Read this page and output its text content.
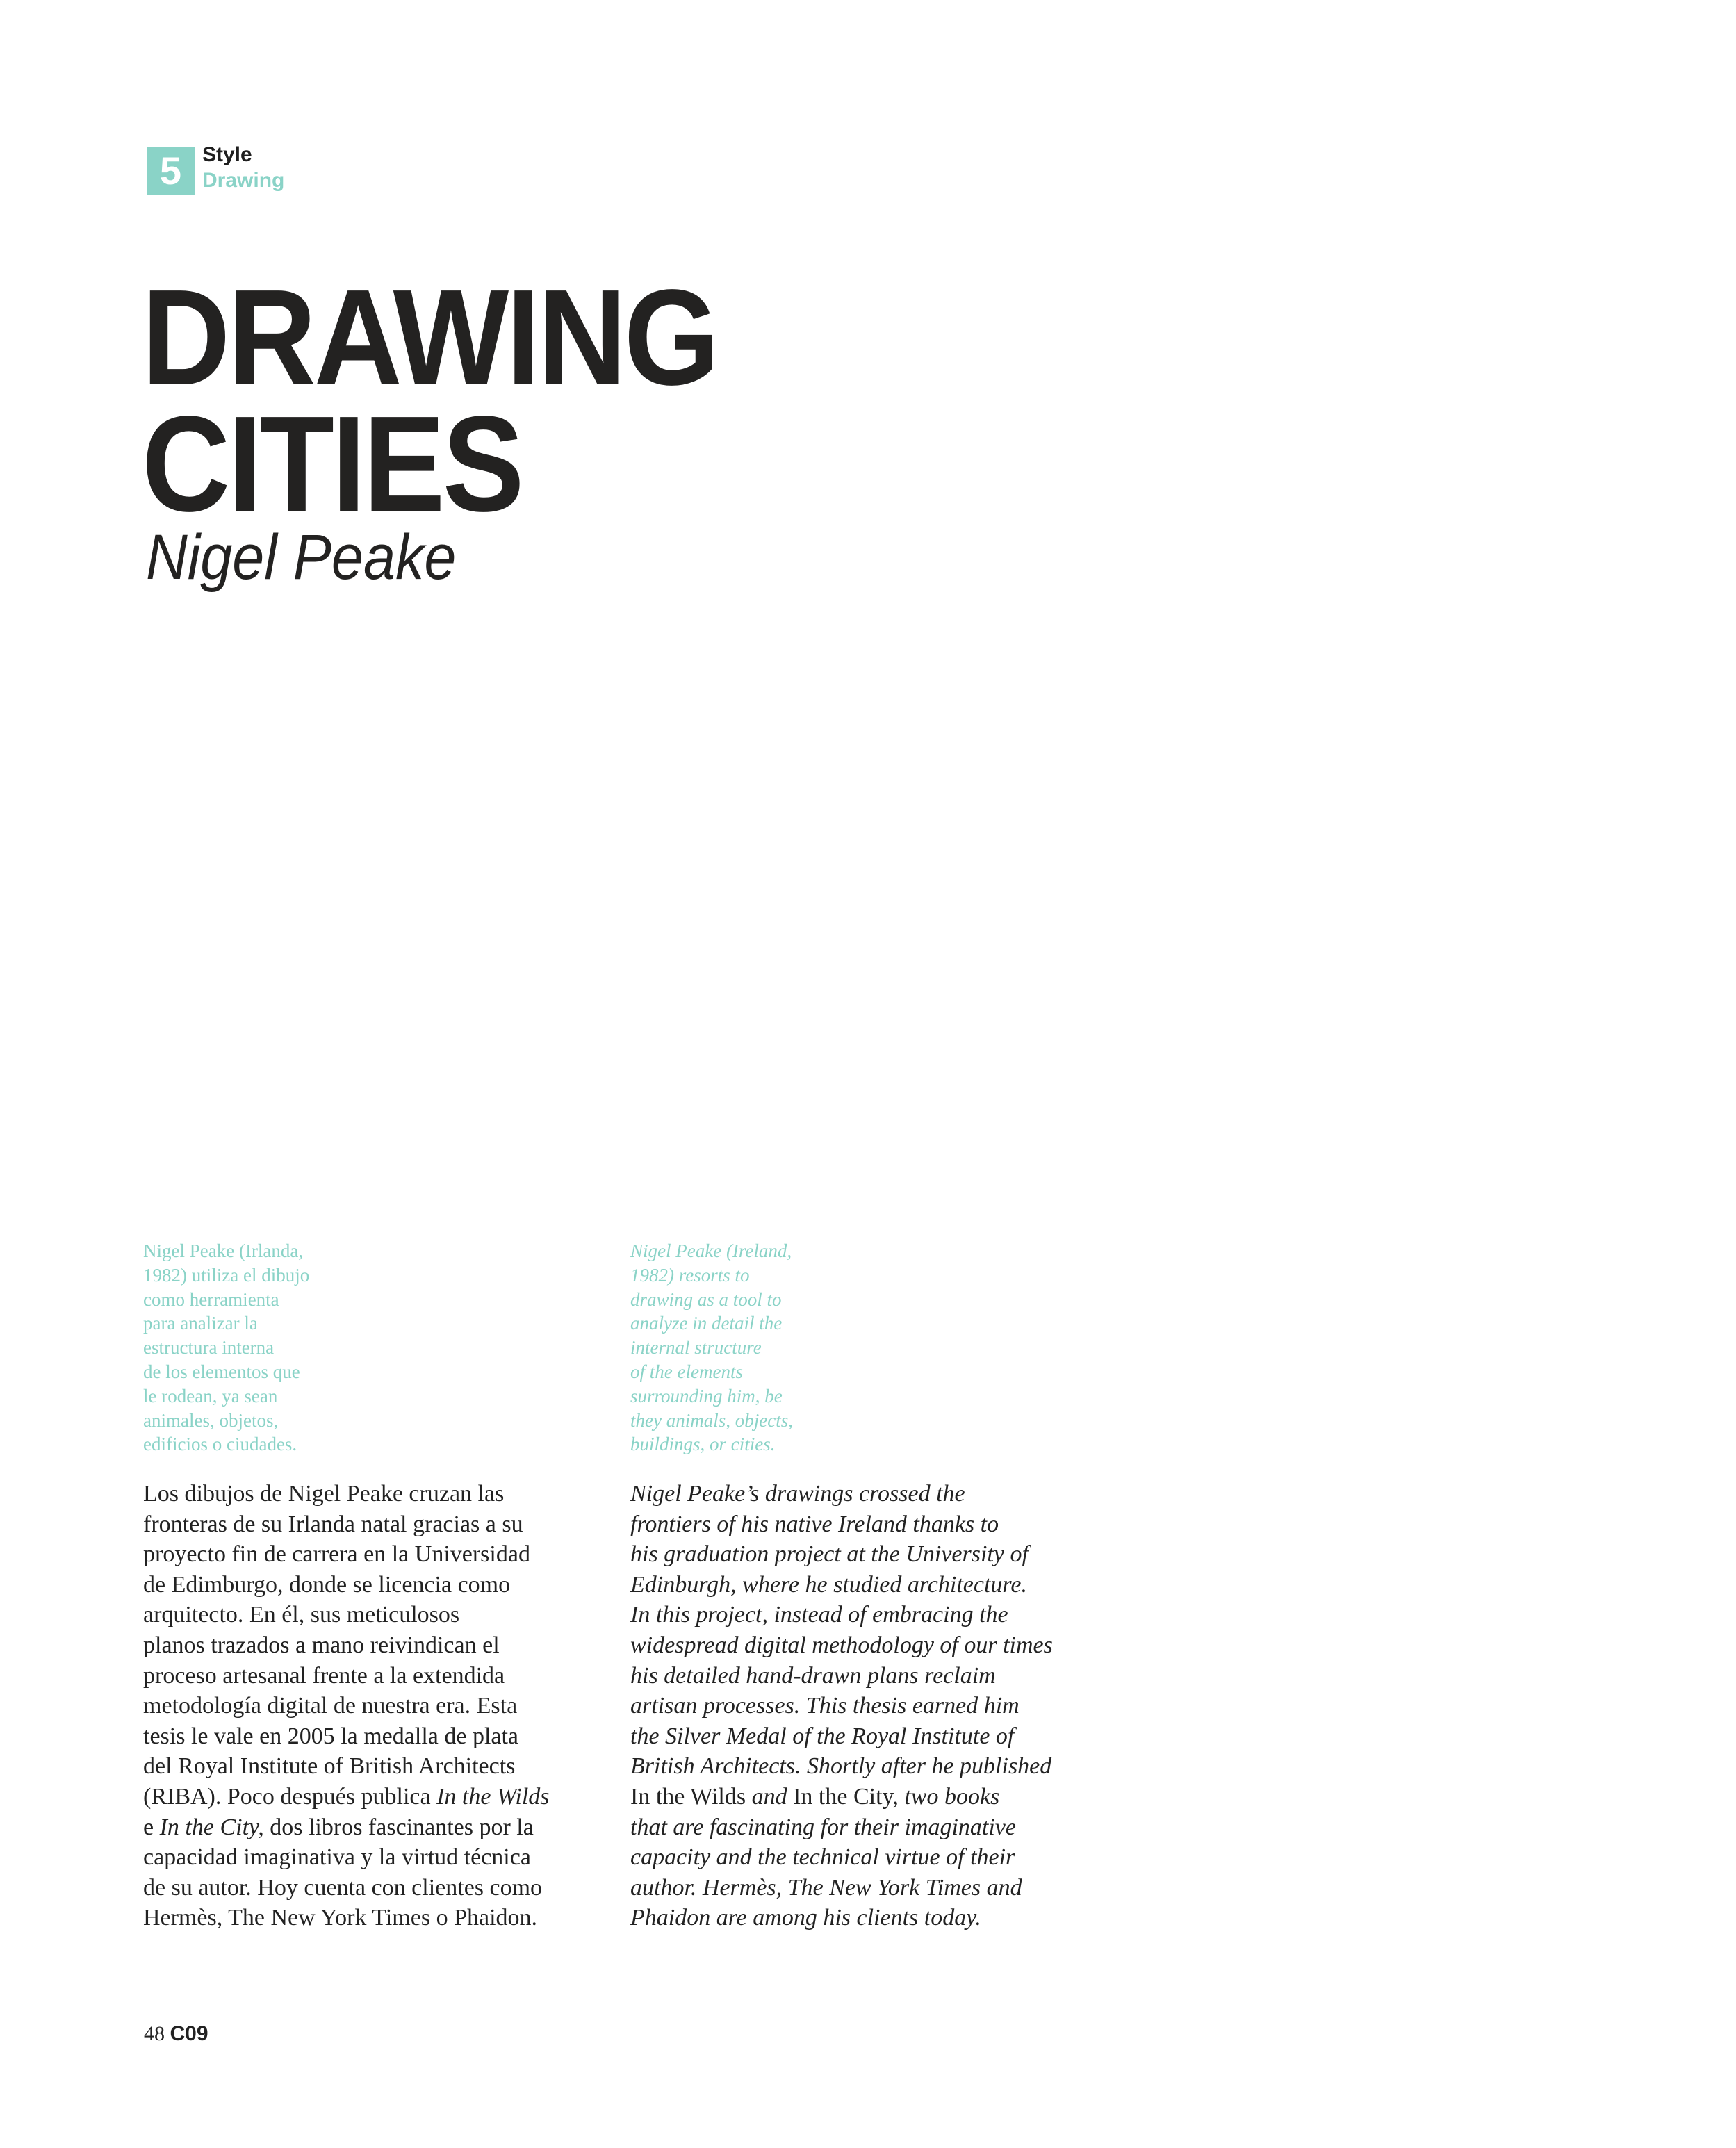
5 Style
Drawing
DRAWING
CITIES
Nigel Peake
Nigel Peake (Irlanda,
1982) utiliza el dibujo
como herramienta
para analizar la
estructura interna
de los elementos que
le rodean, ya sean
animales, objetos,
edificios o ciudades.
Nigel Peake (Ireland,
1982) resorts to
drawing as a tool to
analyze in detail the
internal structure
of the elements
surrounding him, be
they animals, objects,
buildings, or cities.
Los dibujos de Nigel Peake cruzan las
fronteras de su Irlanda natal gracias a su
proyecto fin de carrera en la Universidad
de Edimburgo, donde se licencia como
arquitecto. En él, sus meticulosos
planos trazados a mano reivindican el
proceso artesanal frente a la extendida
metodología digital de nuestra era. Esta
tesis le vale en 2005 la medalla de plata
del Royal Institute of British Architects
(RIBA). Poco después publica In the Wilds
e In the City, dos libros fascinantes por la
capacidad imaginativa y la virtud técnica
de su autor. Hoy cuenta con clientes como
Hermès, The New York Times o Phaidon.
Nigel Peake’s drawings crossed the
frontiers of his native Ireland thanks to
his graduation project at the University of
Edinburgh, where he studied architecture.
In this project, instead of embracing the
widespread digital methodology of our times
his detailed hand-drawn plans reclaim
artisan processes. This thesis earned him
the Silver Medal of the Royal Institute of
British Architects. Shortly after he published
In the Wilds and In the City, two books
that are fascinating for their imaginative
capacity and the technical virtue of their
author. Hermès, The New York Times and
Phaidon are among his clients today.
48 C09
